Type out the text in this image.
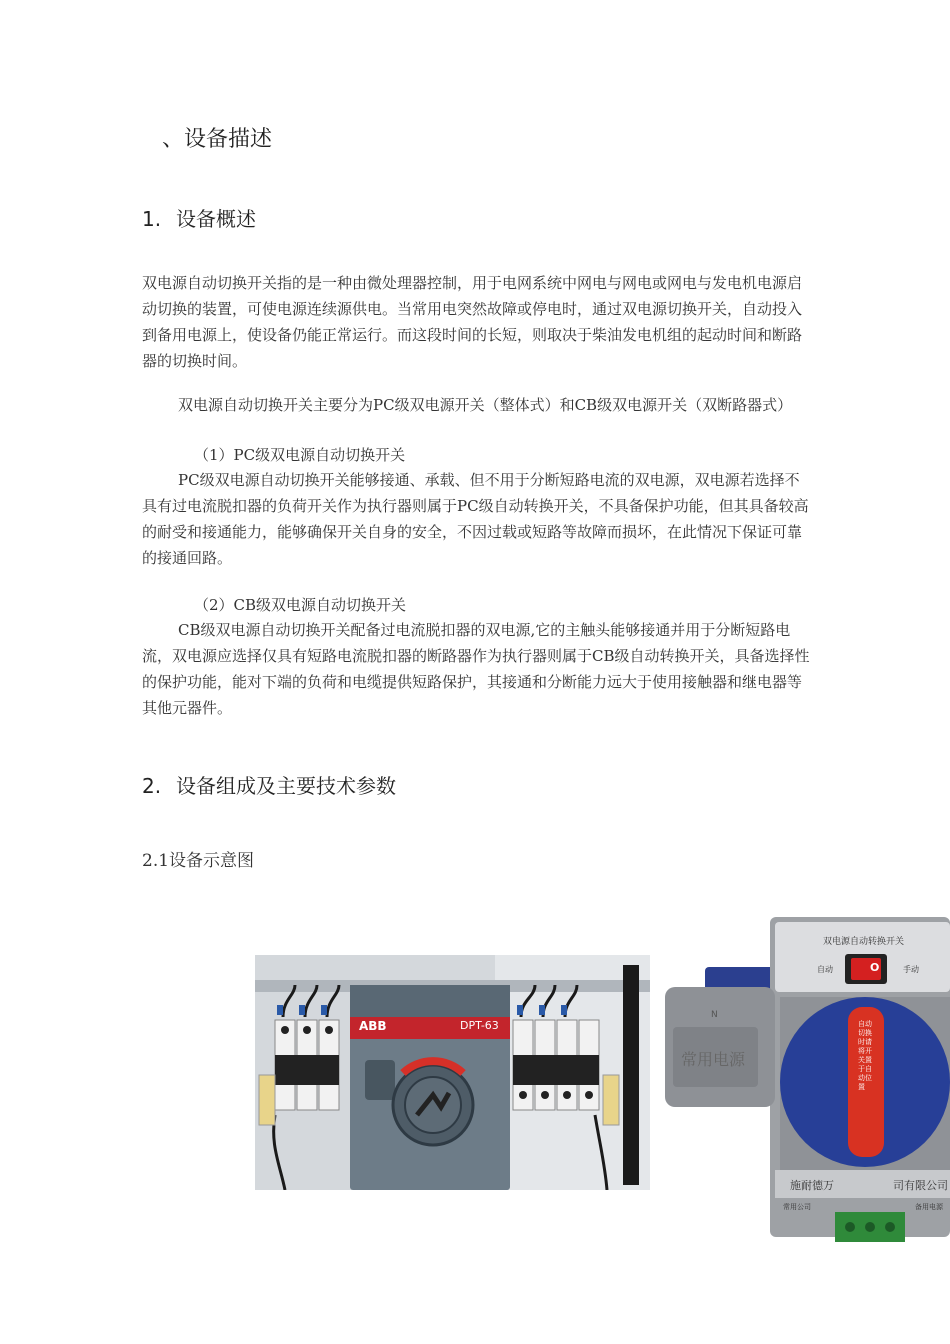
、设备描述
1. 设备概述
双电源自动切换开关指的是一种由微处理器控制，用于电网系统中网电与网电或网电与发电机电源启动切换的装置，可使电源连续源供电。当常用电突然故障或停电时，通过双电源切换开关，自动投入到备用电源上，使设备仍能正常运行。而这段时间的长短，则取决于柴油发电机组的起动时间和断路器的切换时间。
双电源自动切换开关主要分为PC级双电源开关（整体式）和CB级双电源开关（双断路器式）
（1）PC级双电源自动切换开关
PC级双电源自动切换开关能够接通、承载、但不用于分断短路电流的双电源，双电源若选择不具有过电流脱扣器的负荷开关作为执行器则属于PC级自动转换开关，不具备保护功能，但其具备较高的耐受和接通能力，能够确保开关自身的安全，不因过载或短路等故障而损坏，在此情况下保证可靠的接通回路。
（2）CB级双电源自动切换开关
CB级双电源自动切换开关配备过电流脱扣器的双电源,它的主触头能够接通并用于分断短路电流，双电源应选择仅具有短路电流脱扣器的断路器作为执行器则属于CB级自动转换开关，具备选择性的保护功能，能对下端的负荷和电缆提供短路保护，其接通和分断能力远大于使用接触器和继电器等其他元器件。
2. 设备组成及主要技术参数
2.1设备示意图
ABB	DPT-63
双电源自动转换开关
自动	手动
O
N
常用电源
自动切换时请将开关置于自动位置
施耐德万	司有限公司
常用公司	备用电源
